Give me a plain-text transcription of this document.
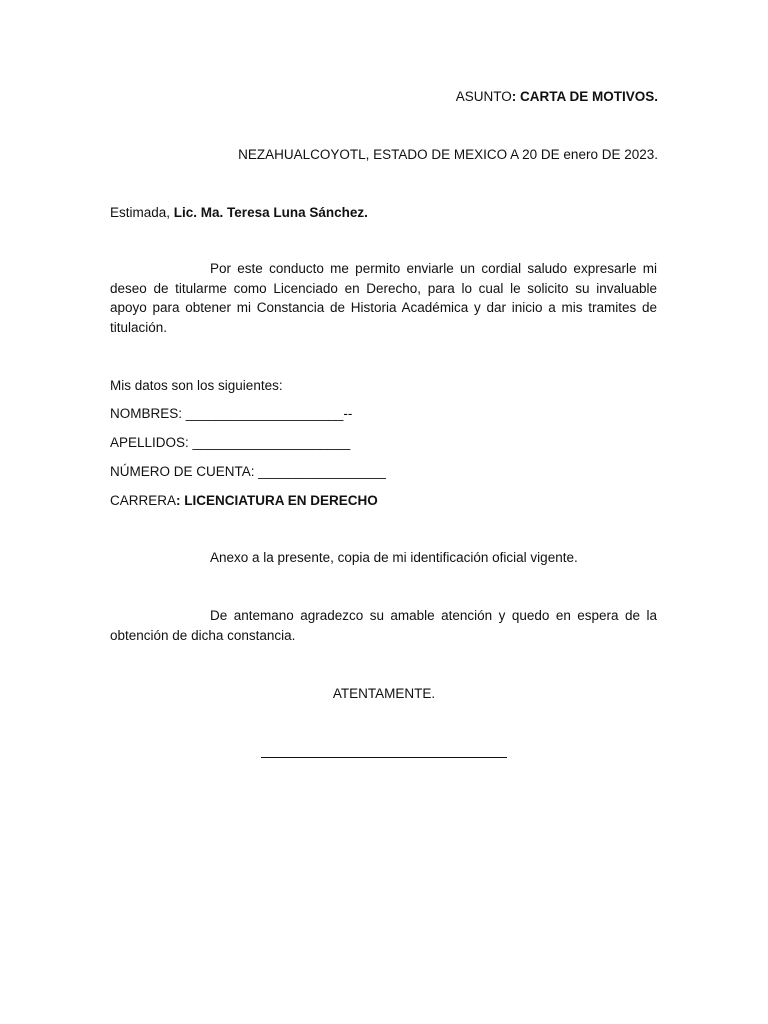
ASUNTO: CARTA DE MOTIVOS.
NEZAHUALCOYOTL, ESTADO DE MEXICO A 20 DE enero DE 2023.
Estimada, Lic. Ma. Teresa Luna Sánchez.
Por este conducto me permito enviarle un cordial saludo expresarle mi deseo de titularme como Licenciado en Derecho, para lo cual le solicito su invaluable apoyo para obtener mi Constancia de Historia Académica y dar inicio a mis tramites de titulación.
Mis datos son los siguientes:
NOMBRES: _____________________--
APELLIDOS: _____________________
NÚMERO DE CUENTA: _________________
CARRERA: LICENCIATURA EN DERECHO
Anexo a la presente, copia de mi identificación oficial vigente.
De antemano agradezco su amable atención y quedo en espera de la obtención de dicha constancia.
ATENTAMENTE.
